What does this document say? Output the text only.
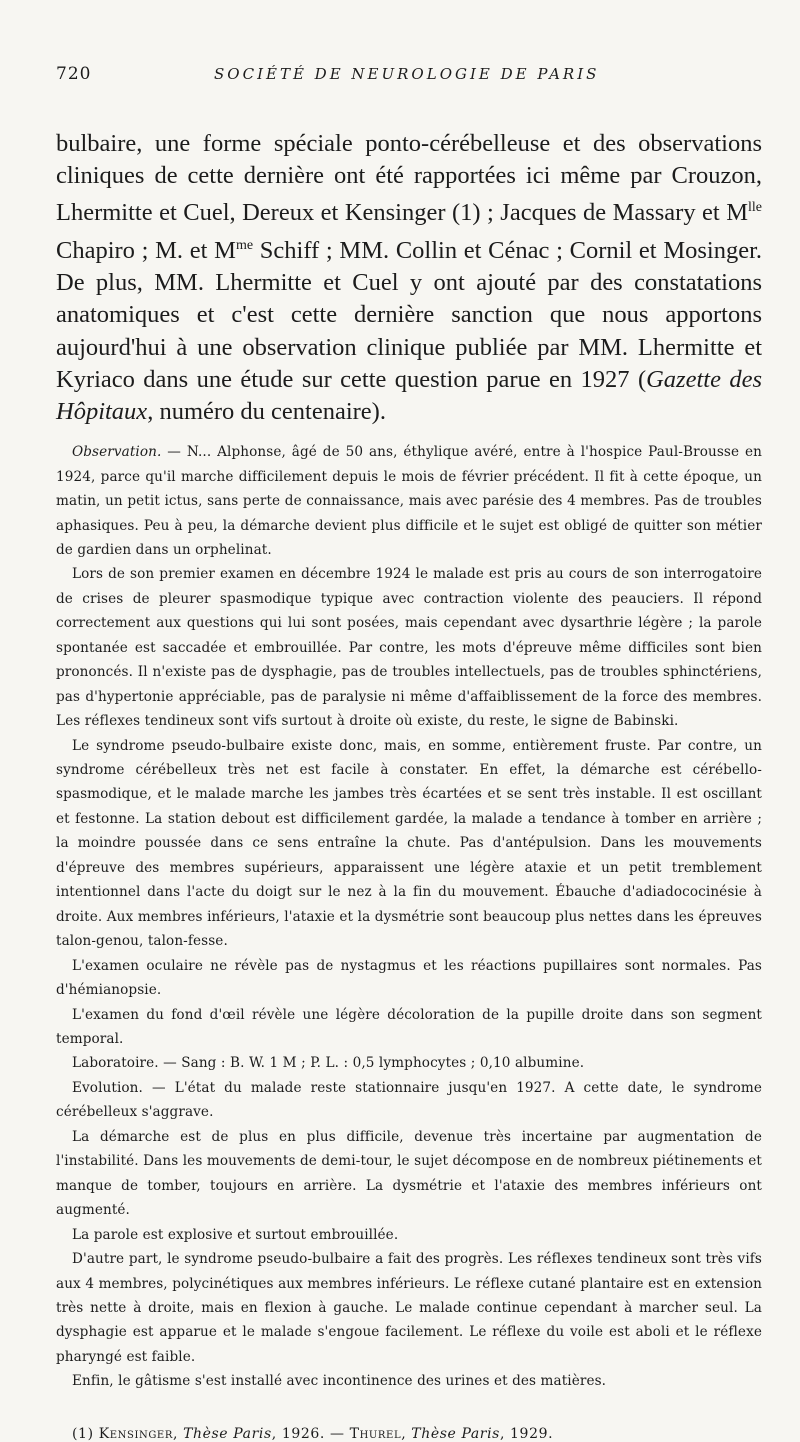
720	SOCIÉTÉ DE NEUROLOGIE DE PARIS

bulbaire, une forme spéciale ponto-cérébelleuse et des observations cliniques de cette dernière ont été rapportées ici même par Crouzon, Lhermitte et Cuel, Dereux et Kensinger (1) ; Jacques de Massary et $M^{lle}$ Chapiro ; M. et $M^{me}$ Schiff ; MM. Collin et Cénac ; Cornil et Mosinger. De plus, MM. Lhermitte et Cuel y ont ajouté par des constatations anatomiques et c'est cette dernière sanction que nous apportons aujourd'hui à une observation clinique publiée par MM. Lhermitte et Kyriaco dans une étude sur cette question parue en 1927 (Gazette des Hôpitaux, numéro du centenaire).

Observation. — N... Alphonse, âgé de 50 ans, éthylique avéré, entre à l'hospice Paul-Brousse en 1924, parce qu'il marche difficilement depuis le mois de février précédent. Il fit à cette époque, un matin, un petit ictus, sans perte de connaissance, mais avec parésie des 4 membres. Pas de troubles aphasiques. Peu à peu, la démarche devient plus difficile et le sujet est obligé de quitter son métier de gardien dans un orphelinat.

Lors de son premier examen en décembre 1924 le malade est pris au cours de son interrogatoire de crises de pleurer spasmodique typique avec contraction violente des peauciers. Il répond correctement aux questions qui lui sont posées, mais cependant avec dysarthrie légère ; la parole spontanée est saccadée et embrouillée. Par contre, les mots d'épreuve même difficiles sont bien prononcés. Il n'existe pas de dysphagie, pas de troubles intellectuels, pas de troubles sphinctériens, pas d'hypertonie appréciable, pas de paralysie ni même d'affaiblissement de la force des membres. Les réflexes tendineux sont vifs surtout à droite où existe, du reste, le signe de Babinski.

Le syndrome pseudo-bulbaire existe donc, mais, en somme, entièrement fruste. Par contre, un syndrome cérébelleux très net est facile à constater. En effet, la démarche est cérébello-spasmodique, et le malade marche les jambes très écartées et se sent très instable. Il est oscillant et festonne. La station debout est difficilement gardée, la malade a tendance à tomber en arrière ; la moindre poussée dans ce sens entraîne la chute. Pas d'antépulsion. Dans les mouvements d'épreuve des membres supérieurs, apparaissent une légère ataxie et un petit tremblement intentionnel dans l'acte du doigt sur le nez à la fin du mouvement. Ébauche d'adiadococinésie à droite. Aux membres inférieurs, l'ataxie et la dysmétrie sont beaucoup plus nettes dans les épreuves talon-genou, talon-fesse.

L'examen oculaire ne révèle pas de nystagmus et les réactions pupillaires sont normales. Pas d'hémianopsie.

L'examen du fond d'œil révèle une légère décoloration de la pupille droite dans son segment temporal.

Laboratoire. — Sang : B. W. 1 M ; P. L. : 0,5 lymphocytes ; 0,10 albumine.

Evolution. — L'état du malade reste stationnaire jusqu'en 1927. A cette date, le syndrome cérébelleux s'aggrave.

La démarche est de plus en plus difficile, devenue très incertaine par augmentation de l'instabilité. Dans les mouvements de demi-tour, le sujet décompose en de nombreux piétinements et manque de tomber, toujours en arrière. La dysmétrie et l'ataxie des membres inférieurs ont augmenté.

La parole est explosive et surtout embrouillée.

D'autre part, le syndrome pseudo-bulbaire a fait des progrès. Les réflexes tendineux sont très vifs aux 4 membres, polycinétiques aux membres inférieurs. Le réflexe cutané plantaire est en extension très nette à droite, mais en flexion à gauche. Le malade continue cependant à marcher seul. La dysphagie est apparue et le malade s'engoue facilement. Le réflexe du voile est aboli et le réflexe pharyngé est faible.

Enfin, le gâtisme s'est installé avec incontinence des urines et des matières.

(1) Kensinger, Thèse Paris, 1926. — Thurel, Thèse Paris, 1929.
